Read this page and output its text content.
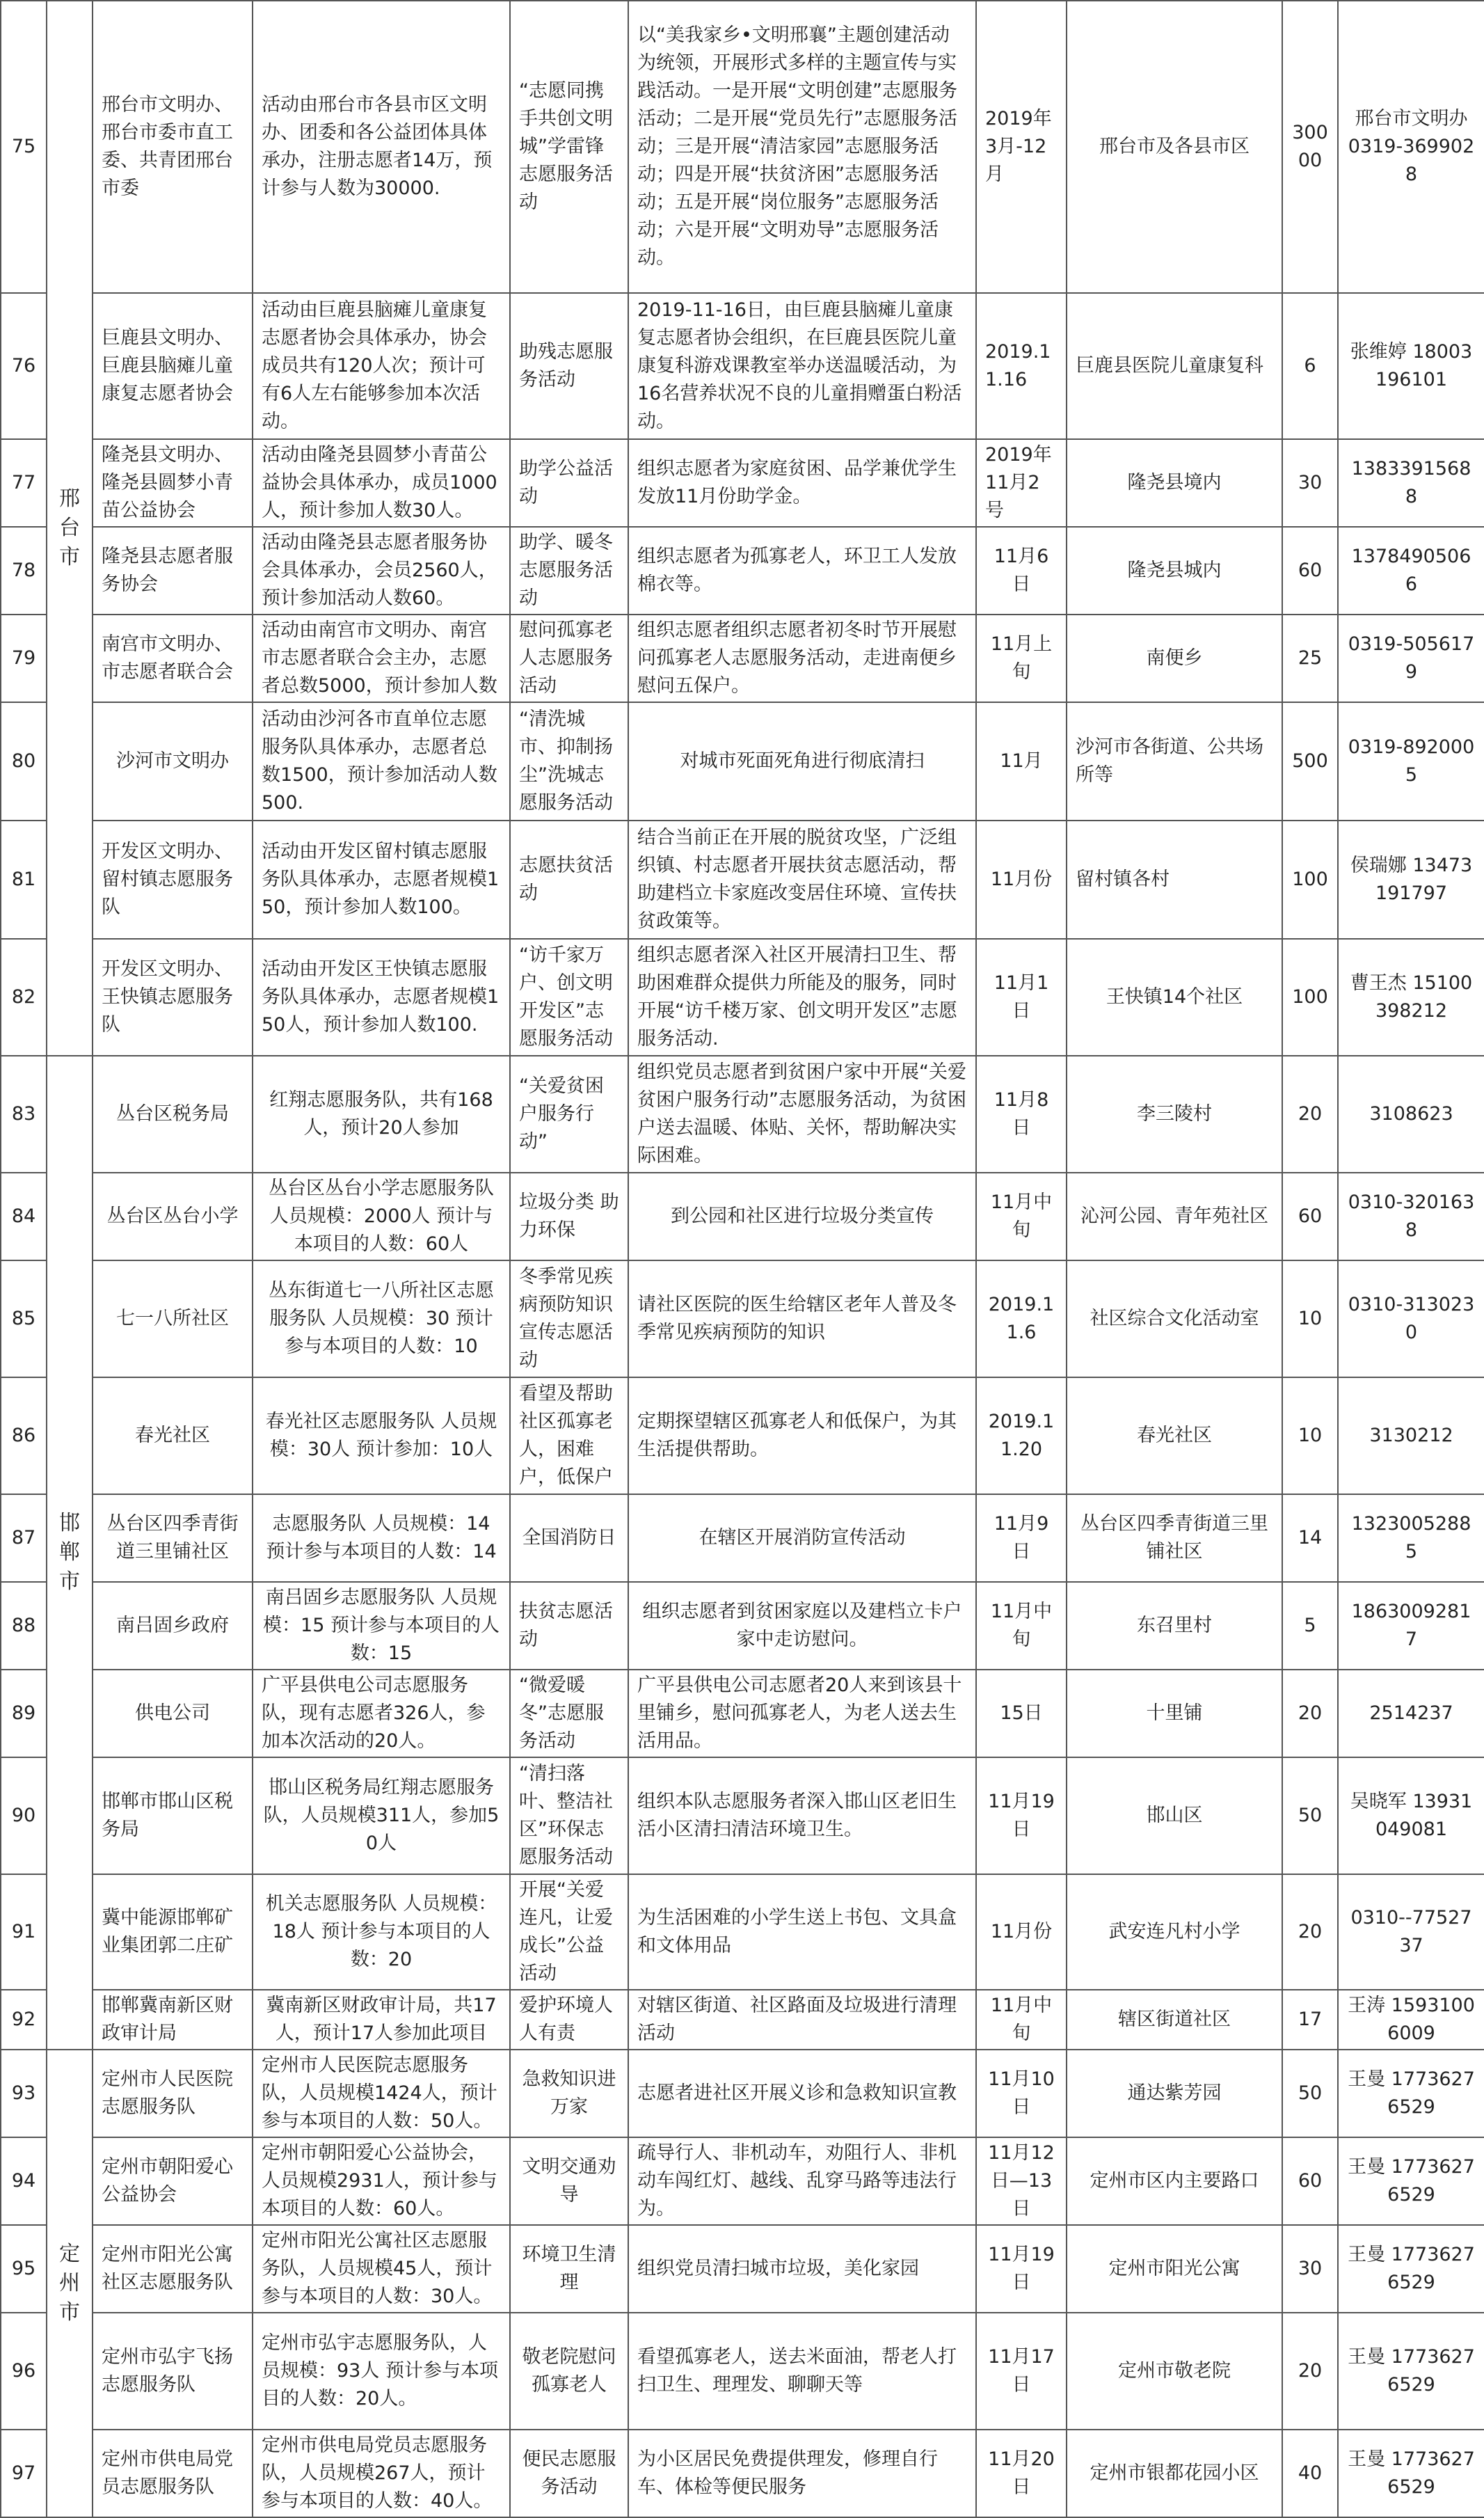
75	邢台市	邢台市文明办、邢台市委市直工委、共青团邢台市委	活动由邢台市各县市区文明办、团委和各公益团体具体承办，注册志愿者14万，预计参与人数为30000.	“志愿同携手共创文明城”学雷锋志愿服务活动	以“美我家乡•文明邢襄”主题创建活动为统领，开展形式多样的主题宣传与实践活动。一是开展“文明创建”志愿服务活动；二是开展“党员先行”志愿服务活动；三是开展“清洁家园”志愿服务活动；四是开展“扶贫济困”志愿服务活动；五是开展“岗位服务”志愿服务活动；六是开展“文明劝导”志愿服务活动。	2019年3月-12月	邢台市及各县市区	30000	邢台市文明办 0319-3699028
76		巨鹿县文明办、巨鹿县脑瘫儿童康复志愿者协会	活动由巨鹿县脑瘫儿童康复志愿者协会具体承办，协会成员共有120人次；预计可有6人左右能够参加本次活动。	助残志愿服务活动	2019-11-16日，由巨鹿县脑瘫儿童康复志愿者协会组织，在巨鹿县医院儿童康复科游戏课教室举办送温暖活动，为16名营养状况不良的儿童捐赠蛋白粉活动。	2019.11.16	巨鹿县医院儿童康复科	6	张维婷 18003196101
77		隆尧县文明办、隆尧县圆梦小青苗公益协会	活动由隆尧县圆梦小青苗公益协会具体承办，成员1000人，预计参加人数30人。	助学公益活动	组织志愿者为家庭贫困、品学兼优学生发放11月份助学金。	2019年11月2号	隆尧县境内	30	13833915688
78		隆尧县志愿者服务协会	活动由隆尧县志愿者服务协会具体承办，会员2560人，预计参加活动人数60。	助学、暖冬志愿服务活动	组织志愿者为孤寡老人，环卫工人发放棉衣等。	11月6日	隆尧县城内	60	13784905066
79		南宫市文明办、市志愿者联合会	活动由南宫市文明办、南宫市志愿者联合会主办，志愿者总数5000，预计参加人数	慰问孤寡老人志愿服务活动	组织志愿者组织志愿者初冬时节开展慰问孤寡老人志愿服务活动，走进南便乡慰问五保户。	11月上旬	南便乡	25	0319-5056179
80		沙河市文明办	活动由沙河各市直单位志愿服务队具体承办，志愿者总数1500，预计参加活动人数500.	“清洗城市、抑制扬尘”洗城志愿服务活动	对城市死面死角进行彻底清扫	11月	沙河市各街道、公共场所等	500	0319-8920005
81		开发区文明办、留村镇志愿服务队	活动由开发区留村镇志愿服务队具体承办，志愿者规模150，预计参加人数100。	志愿扶贫活动	结合当前正在开展的脱贫攻坚，广泛组织镇、村志愿者开展扶贫志愿活动，帮助建档立卡家庭改变居住环境、宣传扶贫政策等。	11月份	留村镇各村	100	侯瑞娜 13473191797
82		开发区文明办、王快镇志愿服务队	活动由开发区王快镇志愿服务队具体承办，志愿者规模150人，预计参加人数100.	“访千家万户、创文明开发区”志愿服务活动	组织志愿者深入社区开展清扫卫生、帮助困难群众提供力所能及的服务，同时开展“访千楼万家、创文明开发区”志愿服务活动.	11月1日	王快镇14个社区	100	曹王杰 15100398212
83	邯郸市	丛台区税务局	红翔志愿服务队，共有168人，预计20人参加	“关爱贫困户服务行动”	组织党员志愿者到贫困户家中开展“关爱贫困户服务行动”志愿服务活动，为贫困户送去温暖、体贴、关怀，帮助解决实际困难。	11月8日	李三陵村	20	3108623
84		丛台区丛台小学	丛台区丛台小学志愿服务队 人员规模：2000人 预计与本项目的人数：60人	垃圾分类 助力环保	到公园和社区进行垃圾分类宣传	11月中旬	沁河公园、青年苑社区	60	0310-3201638
85		七一八所社区	丛东街道七一八所社区志愿服务队 人员规模：30 预计参与本项目的人数：10	冬季常见疾病预防知识宣传志愿活动	请社区医院的医生给辖区老年人普及冬季常见疾病预防的知识	2019.11.6	社区综合文化活动室	10	0310-3130230
86		春光社区	春光社区志愿服务队 人员规模：30人 预计参加：10人	看望及帮助社区孤寡老人，困难户，低保户	定期探望辖区孤寡老人和低保户，为其生活提供帮助。	2019.11.20	春光社区	10	3130212
87		丛台区四季青街道三里铺社区	志愿服务队 人员规模：14 预计参与本项目的人数：14	全国消防日	在辖区开展消防宣传活动	11月9日	丛台区四季青街道三里铺社区	14	13230052885
88		南吕固乡政府	南吕固乡志愿服务队 人员规模：15 预计参与本项目的人数：15	扶贫志愿活动	组织志愿者到贫困家庭以及建档立卡户家中走访慰问。	11月中旬	东召里村	5	18630092817
89		供电公司	广平县供电公司志愿服务队，现有志愿者326人，参加本次活动的20人。	“微爱暖冬”志愿服务活动	广平县供电公司志愿者20人来到该县十里铺乡，慰问孤寡老人，为老人送去生活用品。	15日	十里铺	20	2514237
90		邯郸市邯山区税务局	邯山区税务局红翔志愿服务队，人员规模311人，参加50人	“清扫落叶、整洁社区”环保志愿服务活动	组织本队志愿服务者深入邯山区老旧生活小区清扫清洁环境卫生。	11月19日	邯山区	50	吴晓军 13931049081
91		冀中能源邯郸矿业集团郭二庄矿	机关志愿服务队 人员规模：18人 预计参与本项目的人数：20	开展“关爱连凡，让爱成长”公益活动	为生活困难的小学生送上书包、文具盒和文体用品	11月份	武安连凡村小学	20	0310--7752737
92		邯郸冀南新区财政审计局	冀南新区财政审计局，共17人，预计17人参加此项目	爱护环境人人有责	对辖区街道、社区路面及垃圾进行清理活动	11月中旬	辖区街道社区	17	王涛 15931006009
93	定州市	定州市人民医院志愿服务队	定州市人民医院志愿服务队，人员规模1424人，预计参与本项目的人数：50人。	急救知识进万家	志愿者进社区开展义诊和急救知识宣教	11月10日	通达紫芳园	50	王曼 17736276529
94		定州市朝阳爱心公益协会	定州市朝阳爱心公益协会，人员规模2931人，预计参与本项目的人数：60人。	文明交通劝导	疏导行人、非机动车，劝阻行人、非机动车闯红灯、越线、乱穿马路等违法行为。	11月12日—13日	定州市区内主要路口	60	王曼 17736276529
95		定州市阳光公寓社区志愿服务队	定州市阳光公寓社区志愿服务队，人员规模45人，预计参与本项目的人数：30人。	环境卫生清理	组织党员清扫城市垃圾，美化家园	11月19日	定州市阳光公寓	30	王曼 17736276529
96		定州市弘宇飞扬志愿服务队	定州市弘宇志愿服务队，人员规模：93人 预计参与本项目的人数：20人。	敬老院慰问孤寡老人	看望孤寡老人，送去米面油，帮老人打扫卫生、理理发、聊聊天等	11月17日	定州市敬老院	20	王曼 17736276529
97		定州市供电局党员志愿服务队	定州市供电局党员志愿服务队，人员规模267人，预计参与本项目的人数：40人。	便民志愿服务活动	为小区居民免费提供理发，修理自行车、体检等便民服务	11月20日	定州市银都花园小区	40	王曼 17736276529
